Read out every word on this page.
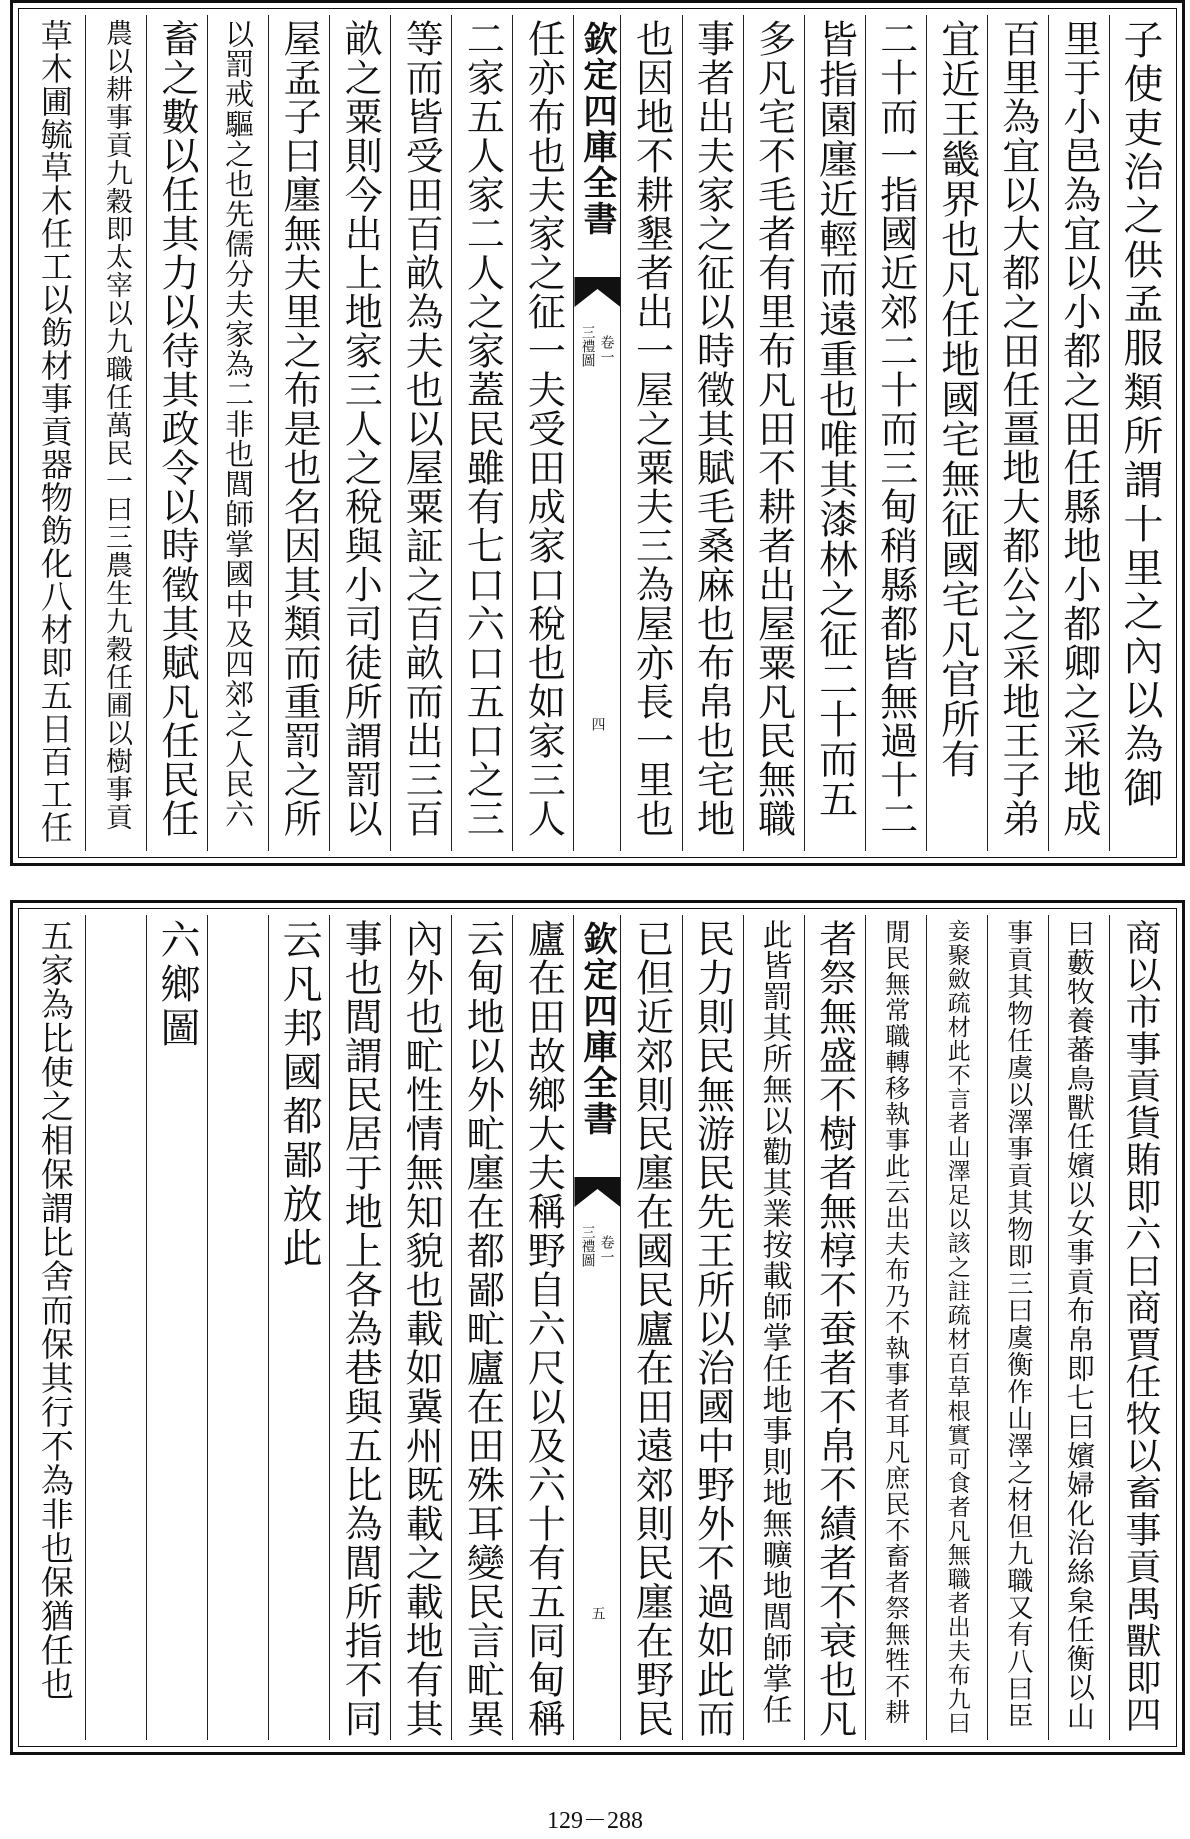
子使吏治之供孟服類所謂十里之內以為御
里于小邑為宜以小都之田任縣地小都卿之采地成
百里為宜以大都之田任畺地大都公之采地王子弟
宜近王畿界也凡任地國宅無征國宅凡官所有
二十而一指國近郊二十而三甸稍縣都皆無過十二
皆指園廛近輕而遠重也唯其漆林之征二十而五
多凡宅不毛者有里布凡田不耕者出屋粟凡民無職
事者出夫家之征以時徵其賦毛桑麻也布帛也宅地
也因地不耕墾者出一屋之粟夫三為屋亦長一里也
欽定四庫全書
三禮圖 卷一
四
任亦布也夫家之征一夫受田成家口稅也如家三人
二家五人家二人之家蓋民雖有七口六口五口之三
等而皆受田百畝為夫也以屋粟証之百畝而出三百
畝之粟則今出上地家三人之稅與小司徒所謂罰以
屋孟子曰廛無夫里之布是也名因其類而重罰之所
以罰戒驅之也先儒分夫家為二非也閭師掌國中及四郊之人民六
畜之數以任其力以待其政令以時徵其賦凡任民任
農以耕事貢九穀即太宰以九職任萬民一曰三農生九穀任圃以樹事貢
草木圃毓草木任工以飭材事貢器物飭化八材即五日百工任
商以市事貢貨賄即六曰商賈任牧以畜事貢禺獸即四
曰藪牧養蕃鳥獸任嬪以女事貢布帛即七曰嬪婦化治絲枲任衡以山
事貢其物任虞以澤事貢其物即三曰虞衡作山澤之材但九職又有八曰臣
妾聚斂疏材此不言者山澤足以該之註疏材百草根實可食者凡無職者出夫布九曰
閒民無常職轉移執事此云出夫布乃不執事者耳凡庶民不畜者祭無牲不耕
者祭無盛不樹者無椁不蚕者不帛不績者不衰也凡
此皆罰其所無以勸其業按載師掌任地事則地無曠地閭師掌任
民力則民無游民先王所以治國中野外不過如此而
已但近郊則民廛在國民廬在田遠郊則民廛在野民
欽定四庫全書
三禮圖 卷一
五
廬在田故鄉大夫稱野自六尺以及六十有五同甸稱
云甸地以外甿廛在都鄙甿廬在田殊耳變民言甿異
內外也甿性情無知貌也載如冀州既載之載地有其
事也閭謂民居于地上各為巷與五比為閭所指不同
云凡邦國都鄙放此
六鄉圖
五家為比使之相保謂比舍而保其行不為非也保猶任也
129－288
